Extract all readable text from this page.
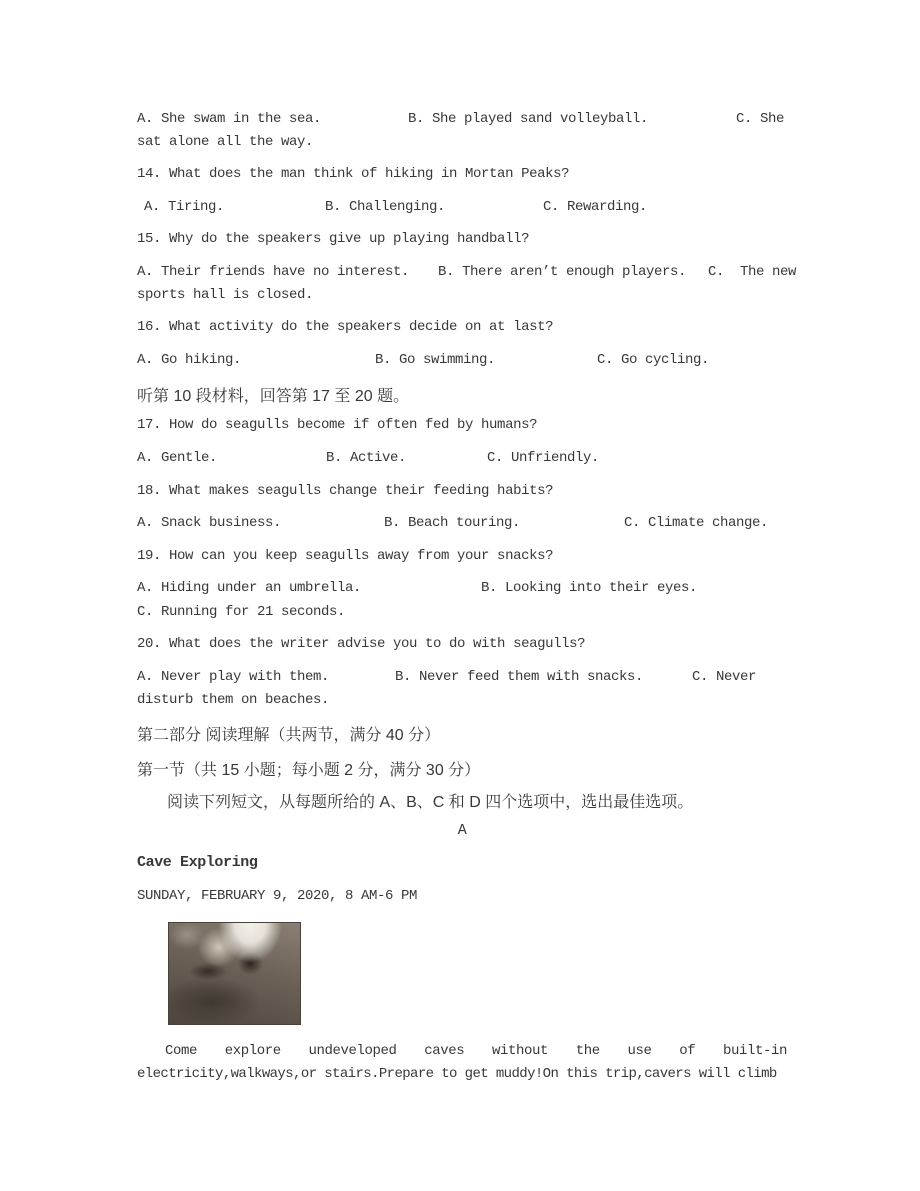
A. She swam in the sea.

	B. She played sand volleyball.

	C. She

sat alone all the way.
14. What does the man think of hiking in Mortan Peaks?

A. Tiring.

	B. Challenging.

	C. Rewarding.

15. Why do the speakers give up playing handball?

A. Their friends have no interest.

B. There aren’t enough players.

C.  The new

sports hall is closed.
16. What activity do the speakers decide on at last?

A. Go hiking.

	B. Go swimming.

	C. Go cycling.

听第 10 段材料，回答第 17 至 20 题。
17. How do seagulls become if often fed by humans?

A. Gentle.

	B. Active.

	C. Unfriendly.

18. What makes seagulls change their feeding habits?

A. Snack business.

	B. Beach touring.

	C. Climate change.

19. How can you keep seagulls away from your snacks?

A. Hiding under an umbrella.

	B. Looking into their eyes.

C. Running for 21 seconds.
20. What does the writer advise you to do with seagulls?

A. Never play with them.

	B. Never feed them with snacks.

	C. Never

disturb them on beaches.
第二部分 阅读理解（共两节，满分 40 分）
第一节（共 15 小题；每小题 2 分，满分 30 分）
阅读下列短文，从每题所给的 A、B、C 和 D 四个选项中，选出最佳选项。
A
Cave Exploring
SUNDAY, FEBRUARY 9, 2020, 8 AM-6 PM
Come explore undeveloped caves without the use of built-in
electricity,walkways,or stairs.Prepare to get muddy!On this trip,cavers will climb
